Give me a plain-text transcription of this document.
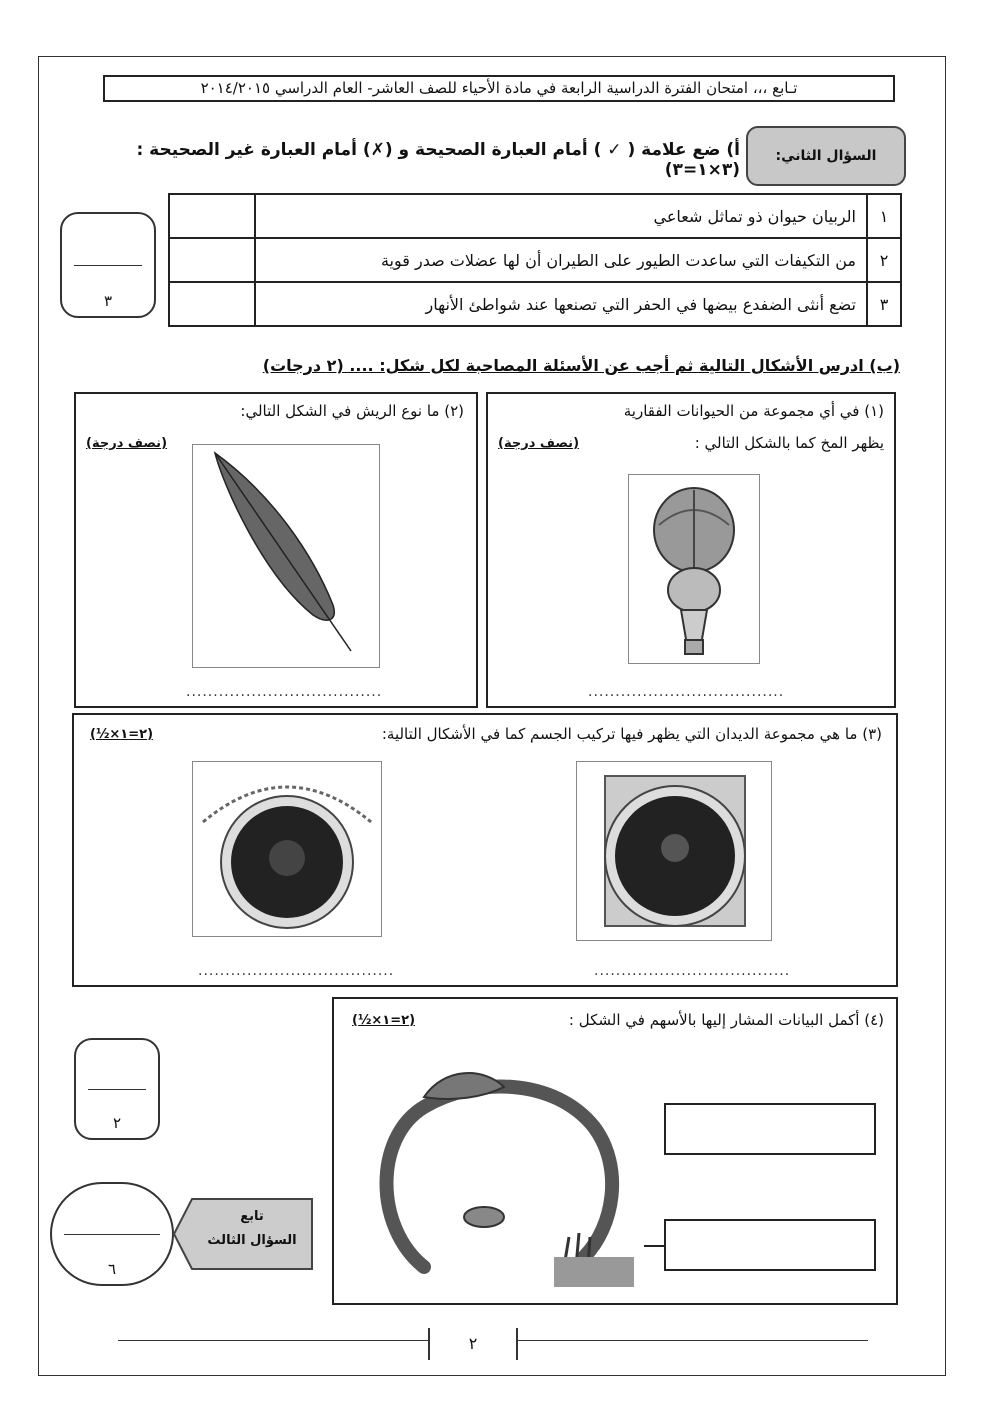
تـابع ،،، امتحان الفترة الدراسية الرابعة في مادة الأحياء للصف العاشر- العام الدراسي ٢٠١٤/٢٠١٥
السؤال الثاني:
أ) ضع علامة ( ✓ ) أمام العبارة الصحيحة و (✗) أمام العبارة غير الصحيحة : (٣×١=٣)
١	الربيان حيوان ذو تماثل شعاعي	
٢	من التكيفات التي ساعدت الطيور على الطيران أن لها عضلات صدر قوية	
٣	تضع أنثى الضفدع بيضها في الحفر التي تصنعها عند شواطئ الأنهار	
٣
(ب) ادرس الأشكال التالية ثم أجب عن الأسئلة المصاحبة لكل شكل: .... (٢ درجات)
(١) في أي مجموعة من الحيوانات الفقارية
يظهر المخ كما بالشكل التالي :
(نصف درجة)
....................................
(٢) ما نوع الريش في الشكل التالي:
(نصف درجة)
....................................
(٣) ما هي مجموعة الديدان التي يظهر فيها تركيب الجسم كما في الأشكال التالية:
(½×٢=١)
....................................	....................................
(٤) أكمل البيانات المشار إليها بالأسهم في الشكل :
(½×٢=١)
٢
٦
تابع
السؤال الثالث
٢
